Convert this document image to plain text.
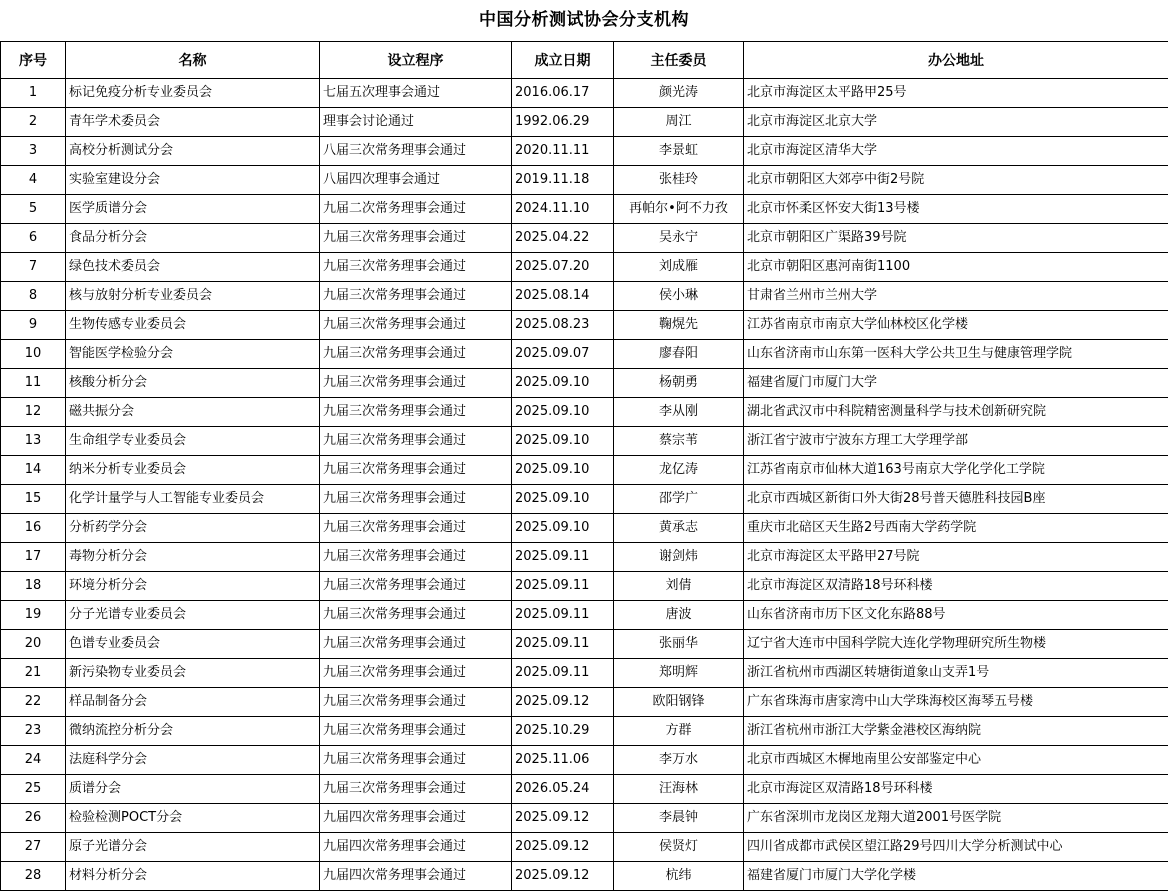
中国分析测试协会分支机构
序号	名称	设立程序	成立日期	主任委员	办公地址
1	标记免疫分析专业委员会	七届五次理事会通过	2016.06.17	颜光涛	北京市海淀区太平路甲25号
2	青年学术委员会	理事会讨论通过	1992.06.29	周江	北京市海淀区北京大学
3	高校分析测试分会	八届三次常务理事会通过	2020.11.11	李景虹	北京市海淀区清华大学
4	实验室建设分会	八届四次理事会通过	2019.11.18	张桂玲	北京市朝阳区大郊亭中街2号院
5	医学质谱分会	九届二次常务理事会通过	2024.11.10	再帕尔•阿不力孜	北京市怀柔区怀安大街13号楼
6	食品分析分会	九届三次常务理事会通过	2025.04.22	吴永宁	北京市朝阳区广渠路39号院
7	绿色技术委员会	九届三次常务理事会通过	2025.07.20	刘成雁	北京市朝阳区惠河南街1100
8	核与放射分析专业委员会	九届三次常务理事会通过	2025.08.14	侯小琳	甘肃省兰州市兰州大学
9	生物传感专业委员会	九届三次常务理事会通过	2025.08.23	鞠熀先	江苏省南京市南京大学仙林校区化学楼
10	智能医学检验分会	九届三次常务理事会通过	2025.09.07	廖春阳	山东省济南市山东第一医科大学公共卫生与健康管理学院
11	核酸分析分会	九届三次常务理事会通过	2025.09.10	杨朝勇	福建省厦门市厦门大学
12	磁共振分会	九届三次常务理事会通过	2025.09.10	李从刚	湖北省武汉市中科院精密测量科学与技术创新研究院
13	生命组学专业委员会	九届三次常务理事会通过	2025.09.10	蔡宗苇	浙江省宁波市宁波东方理工大学理学部
14	纳米分析专业委员会	九届三次常务理事会通过	2025.09.10	龙亿涛	江苏省南京市仙林大道163号南京大学化学化工学院
15	化学计量学与人工智能专业委员会	九届三次常务理事会通过	2025.09.10	邵学广	北京市西城区新街口外大街28号普天德胜科技园B座
16	分析药学分会	九届三次常务理事会通过	2025.09.10	黄承志	重庆市北碚区天生路2号西南大学药学院
17	毒物分析分会	九届三次常务理事会通过	2025.09.11	谢剑炜	北京市海淀区太平路甲27号院
18	环境分析分会	九届三次常务理事会通过	2025.09.11	刘倩	北京市海淀区双清路18号环科楼
19	分子光谱专业委员会	九届三次常务理事会通过	2025.09.11	唐波	山东省济南市历下区文化东路88号
20	色谱专业委员会	九届三次常务理事会通过	2025.09.11	张丽华	辽宁省大连市中国科学院大连化学物理研究所生物楼
21	新污染物专业委员会	九届三次常务理事会通过	2025.09.11	郑明辉	浙江省杭州市西湖区转塘街道象山支弄1号
22	样品制备分会	九届三次常务理事会通过	2025.09.12	欧阳钢锋	广东省珠海市唐家湾中山大学珠海校区海琴五号楼
23	微纳流控分析分会	九届三次常务理事会通过	2025.10.29	方群	浙江省杭州市浙江大学紫金港校区海纳院
24	法庭科学分会	九届三次常务理事会通过	2025.11.06	李万水	北京市西城区木樨地南里公安部鉴定中心
25	质谱分会	九届三次常务理事会通过	2026.05.24	汪海林	北京市海淀区双清路18号环科楼
26	检验检测POCT分会	九届四次常务理事会通过	2025.09.12	李晨钟	广东省深圳市龙岗区龙翔大道2001号医学院
27	原子光谱分会	九届四次常务理事会通过	2025.09.12	侯贤灯	四川省成都市武侯区望江路29号四川大学分析测试中心
28	材料分析分会	九届四次常务理事会通过	2025.09.12	杭纬	福建省厦门市厦门大学化学楼
